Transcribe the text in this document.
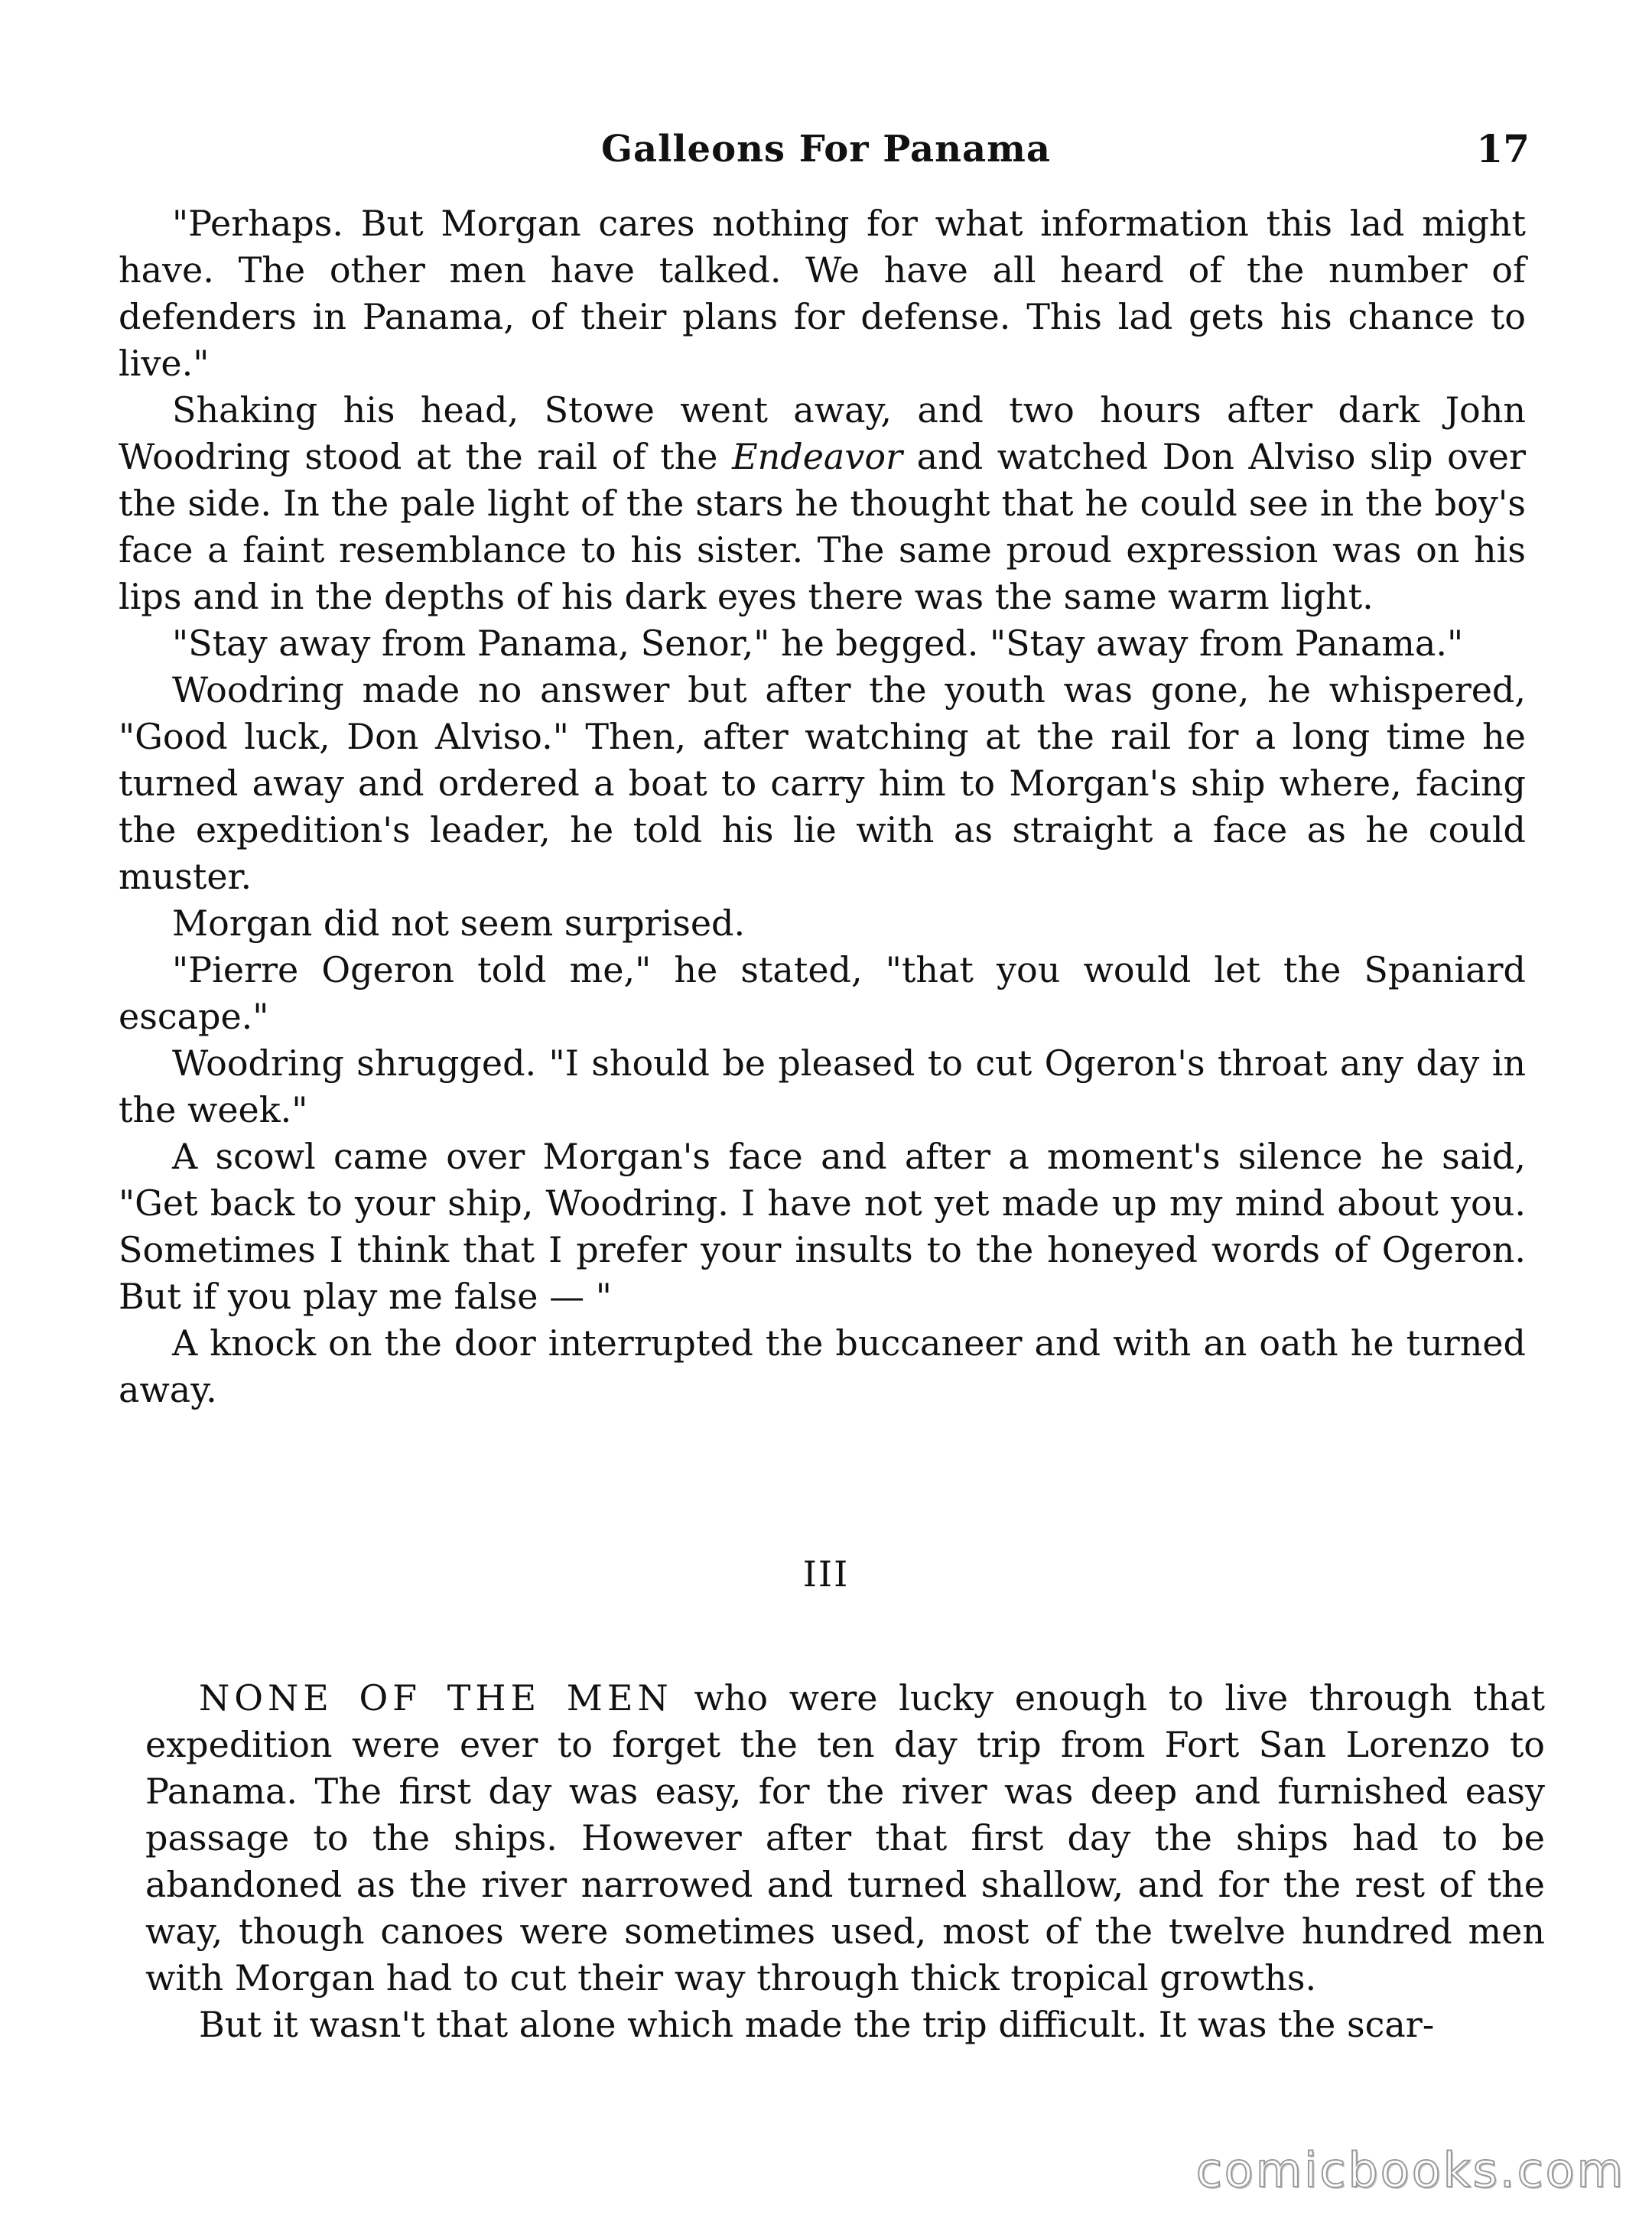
Galleons For Panama	17

"Perhaps. But Morgan cares nothing for what information this lad might have. The other men have talked. We have all heard of the number of defenders in Panama, of their plans for defense. This lad gets his chance to live."

Shaking his head, Stowe went away, and two hours after dark John Woodring stood at the rail of the Endeavor and watched Don Alviso slip over the side. In the pale light of the stars he thought that he could see in the boy's face a faint resemblance to his sister. The same proud expression was on his lips and in the depths of his dark eyes there was the same warm light.

"Stay away from Panama, Senor," he begged. "Stay away from Panama."

Woodring made no answer but after the youth was gone, he whispered, "Good luck, Don Alviso." Then, after watching at the rail for a long time he turned away and ordered a boat to carry him to Morgan's ship where, facing the expedition's leader, he told his lie with as straight a face as he could muster.

Morgan did not seem surprised.

"Pierre Ogeron told me," he stated, "that you would let the Spaniard escape."

Woodring shrugged. "I should be pleased to cut Ogeron's throat any day in the week."

A scowl came over Morgan's face and after a moment's silence he said, "Get back to your ship, Woodring. I have not yet made up my mind about you. Sometimes I think that I prefer your insults to the honeyed words of Ogeron. But if you play me false — "

A knock on the door interrupted the buccaneer and with an oath he turned away.

III

NONE OF THE MEN who were lucky enough to live through that expedition were ever to forget the ten day trip from Fort San Lorenzo to Panama. The first day was easy, for the river was deep and furnished easy passage to the ships. However after that first day the ships had to be abandoned as the river narrowed and turned shallow, and for the rest of the way, though canoes were sometimes used, most of the twelve hundred men with Morgan had to cut their way through thick tropical growths.

But it wasn't that alone which made the trip difficult. It was the scar-

comicbooks.com
